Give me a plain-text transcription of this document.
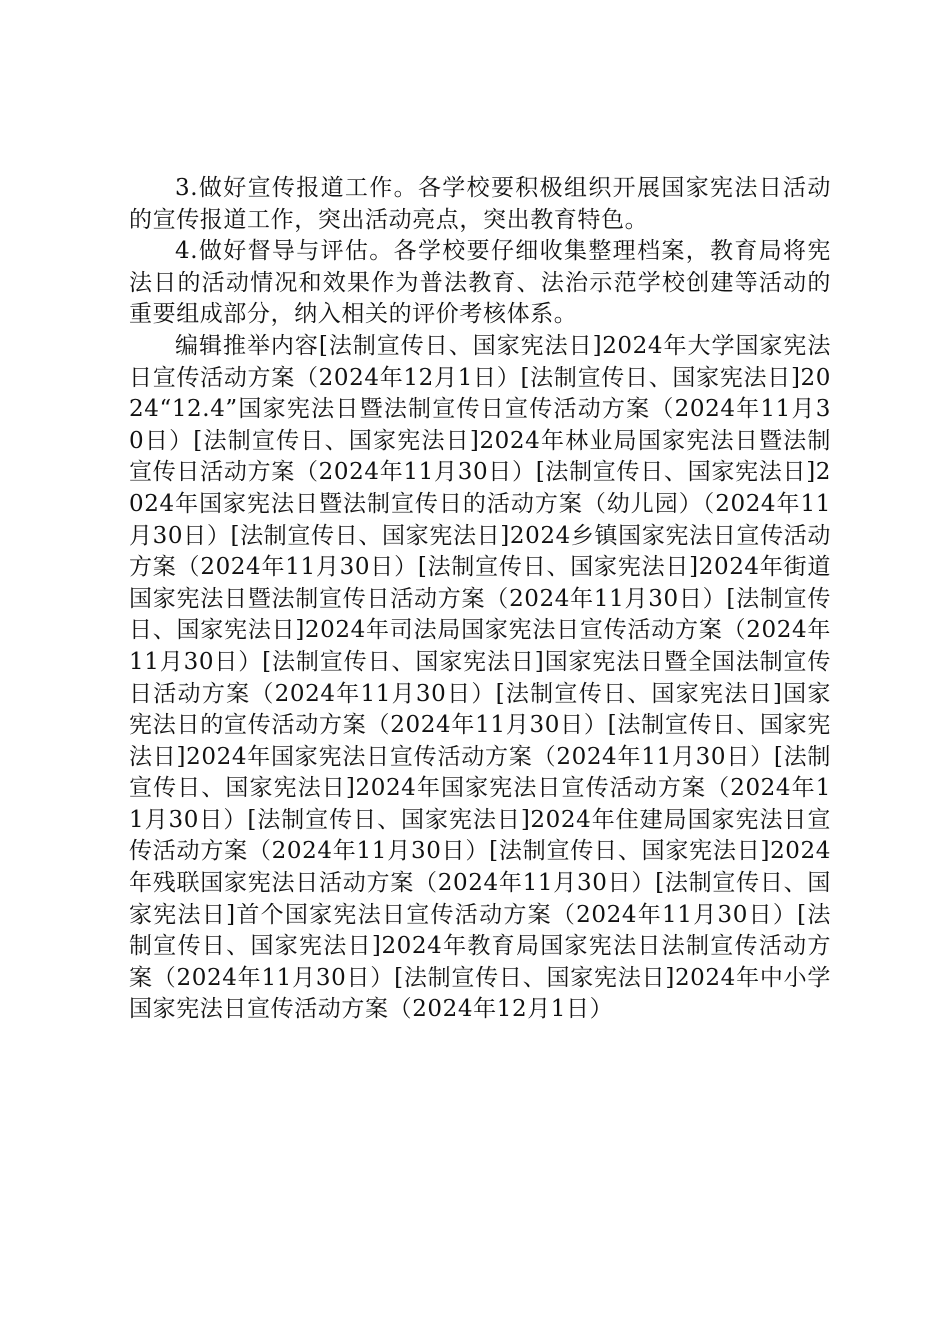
3.做好宣传报道工作。各学校要积极组织开展国家宪法日活动的宣传报道工作，突出活动亮点，突出教育特色。

4.做好督导与评估。各学校要仔细收集整理档案，教育局将宪法日的活动情况和效果作为普法教育、法治示范学校创建等活动的重要组成部分，纳入相关的评价考核体系。

编辑推举内容[法制宣传日、国家宪法日]2024年大学国家宪法日宣传活动方案（2024年12月1日）[法制宣传日、国家宪法日]2024“12.4”国家宪法日暨法制宣传日宣传活动方案（2024年11月30日）[法制宣传日、国家宪法日]2024年林业局国家宪法日暨法制宣传日活动方案（2024年11月30日）[法制宣传日、国家宪法日]2024年国家宪法日暨法制宣传日的活动方案（幼儿园）（2024年11月30日）[法制宣传日、国家宪法日]2024乡镇国家宪法日宣传活动方案（2024年11月30日）[法制宣传日、国家宪法日]2024年街道国家宪法日暨法制宣传日活动方案（2024年11月30日）[法制宣传日、国家宪法日]2024年司法局国家宪法日宣传活动方案（2024年11月30日）[法制宣传日、国家宪法日]国家宪法日暨全国法制宣传日活动方案（2024年11月30日）[法制宣传日、国家宪法日]国家宪法日的宣传活动方案（2024年11月30日）[法制宣传日、国家宪法日]2024年国家宪法日宣传活动方案（2024年11月30日）[法制宣传日、国家宪法日]2024年国家宪法日宣传活动方案（2024年11月30日）[法制宣传日、国家宪法日]2024年住建局国家宪法日宣传活动方案（2024年11月30日）[法制宣传日、国家宪法日]2024年残联国家宪法日活动方案（2024年11月30日）[法制宣传日、国家宪法日]首个国家宪法日宣传活动方案（2024年11月30日）[法制宣传日、国家宪法日]2024年教育局国家宪法日法制宣传活动方案（2024年11月30日）[法制宣传日、国家宪法日]2024年中小学国家宪法日宣传活动方案（2024年12月1日）
